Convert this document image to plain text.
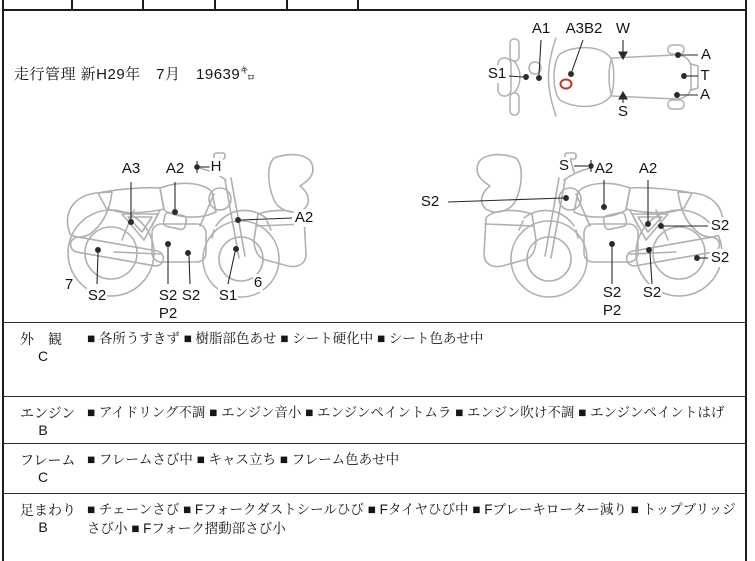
走行管理 新H29年　7月　19639㌔
A1 A3B2 W
S1
A
T
A
S
A3 A2 H
A2
7
S2	S2
P2
S2 S1
6
S A2 A2
S2
S2
S2
S2
P2
S2
外　観
C
■ 各所うすきず ■ 樹脂部色あせ ■ シート硬化中 ■ シート色あせ中
エンジン
B
■ アイドリング不調 ■ エンジン音小 ■ エンジンペイントムラ ■ エンジン吹け不調 ■ エンジンペイントはげ
フレーム
C
■ フレームさび中 ■ キャス立ち ■ フレーム色あせ中
足まわり
B
■ チェーンさび ■ Fフォークダストシールひび ■ Fタイヤひび中 ■ Fブレーキローター減り ■ トップブリッジさび小 ■ Fフォーク摺動部さび小
